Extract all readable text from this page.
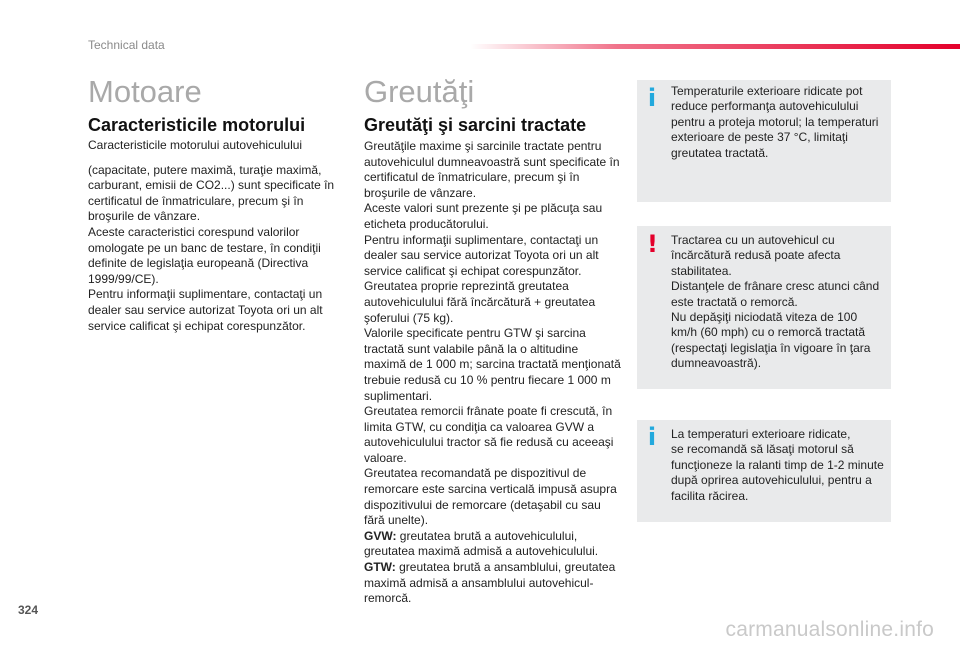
Technical data
Motoare
Caracteristicile motorului

Caracteristicile motorului autovehiculului

(capacitate, putere maximă, turaţie maximă, carburant, emisii de CO2...) sunt specificate în certificatul de înmatriculare, precum şi în broşurile de vânzare.

Aceste caracteristici corespund valorilor omologate pe un banc de testare, în condiţii definite de legislaţia europeană (Directiva 1999/99/CE).

Pentru informaţii suplimentare, contactaţi un dealer sau service autorizat Toyota ori un alt service calificat şi echipat corespunzător.

Greutăţi
Greutăţi şi sarcini tractate

Greutăţile maxime şi sarcinile tractate pentru autovehiculul dumneavoastră sunt specificate în certificatul de înmatriculare, precum şi în broşurile de vânzare.

Aceste valori sunt prezente şi pe plăcuţa sau eticheta producătorului.

Pentru informaţii suplimentare, contactaţi un dealer sau service autorizat Toyota ori un alt service calificat şi echipat corespunzător.

Greutatea proprie reprezintă greutatea autovehiculului fără încărcătură + greutatea şoferului (75 kg).

Valorile specificate pentru GTW şi sarcina tractată sunt valabile până la o altitudine maximă de 1 000 m; sarcina tractată menţionată trebuie redusă cu 10 % pentru fiecare 1 000 m suplimentari.

Greutatea remorcii frânate poate fi crescută, în limita GTW, cu condiţia ca valoarea GVW a autovehiculului tractor să fie redusă cu aceeaşi valoare.

Greutatea recomandată pe dispozitivul de remorcare este sarcina verticală impusă asupra dispozitivului de remorcare (detaşabil cu sau fără unelte).

GVW: greutatea brută a autovehiculului, greutatea maximă admisă a autovehiculului.

GTW: greutatea brută a ansamblului, greutatea maximă admisă a ansamblului autovehicul-remorcă.

i Temperaturile exterioare ridicate pot reduce performanţa autovehiculului pentru a proteja motorul; la temperaturi exterioare de peste 37 °C, limitaţi greutatea tractată.
! Tractarea cu un autovehicul cu încărcătură redusă poate afecta stabilitatea.

Distanţele de frânare cresc atunci când este tractată o remorcă.

Nu depăşiţi niciodată viteza de 100 km/h (60 mph) cu o remorcă tractată (respectaţi legislaţia în vigoare în ţara dumneavoastră).

i La temperaturi exterioare ridicate,

se recomandă să lăsaţi motorul să funcţioneze la ralanti timp de 1-2 minute după oprirea autovehiculului, pentru a facilita răcirea.

324
carmanualsonline.info
